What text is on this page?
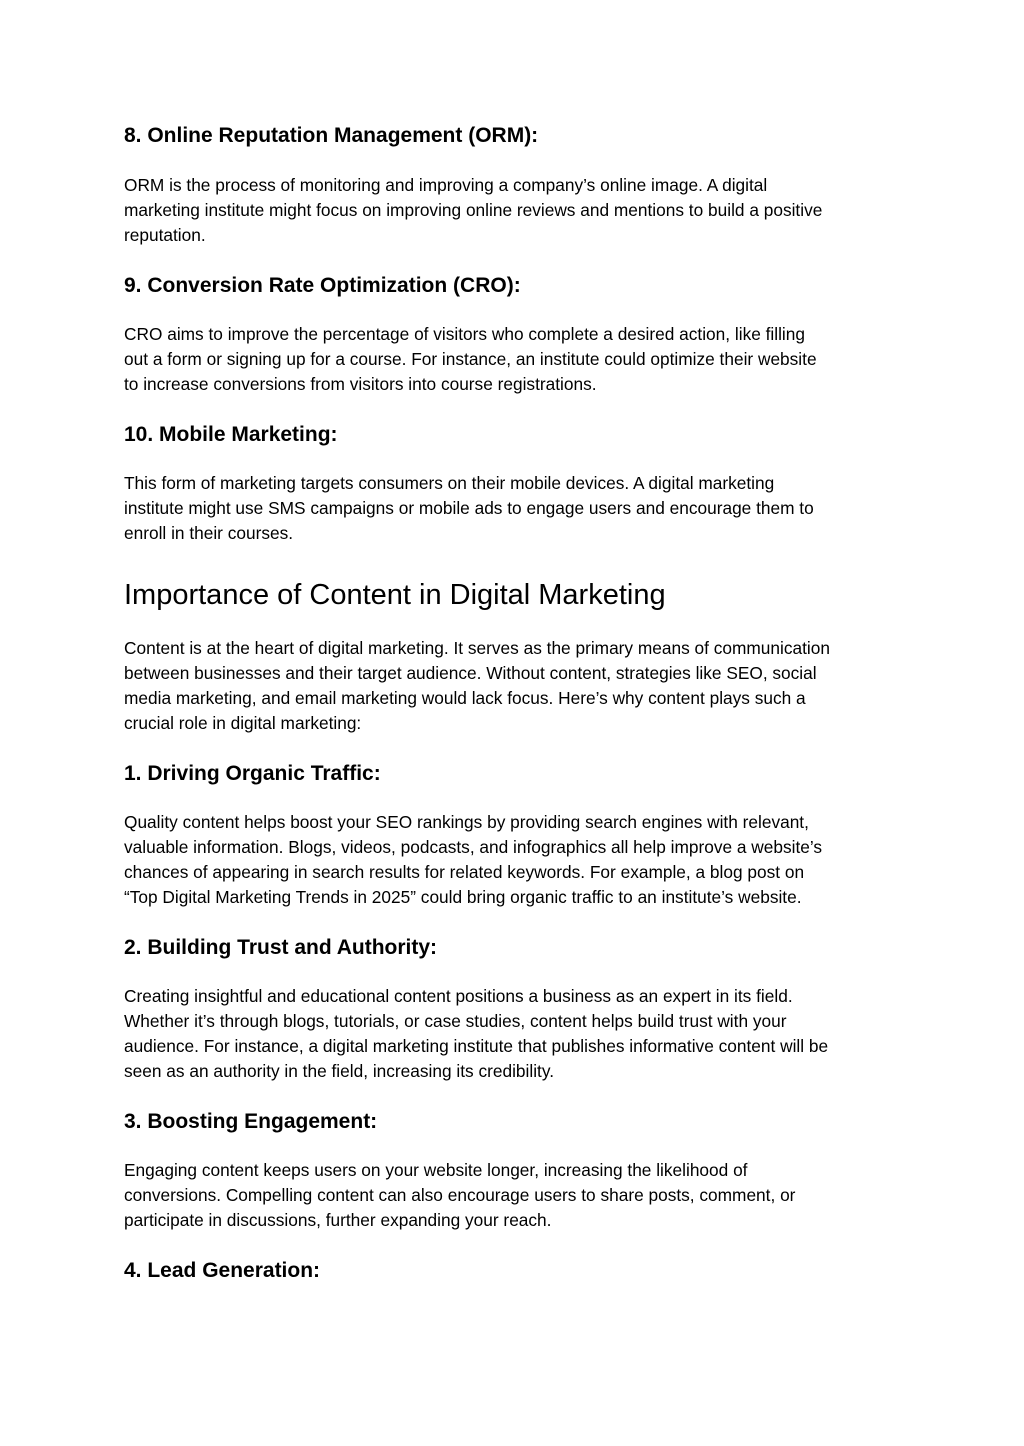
8. Online Reputation Management (ORM):

ORM is the process of monitoring and improving a company’s online image. A digital
marketing institute might focus on improving online reviews and mentions to build a positive
reputation.

9. Conversion Rate Optimization (CRO):

CRO aims to improve the percentage of visitors who complete a desired action, like filling
out a form or signing up for a course. For instance, an institute could optimize their website
to increase conversions from visitors into course registrations.

10. Mobile Marketing:

This form of marketing targets consumers on their mobile devices. A digital marketing
institute might use SMS campaigns or mobile ads to engage users and encourage them to
enroll in their courses.

Importance of Content in Digital Marketing

Content is at the heart of digital marketing. It serves as the primary means of communication
between businesses and their target audience. Without content, strategies like SEO, social
media marketing, and email marketing would lack focus. Here’s why content plays such a
crucial role in digital marketing:

1. Driving Organic Traffic:

Quality content helps boost your SEO rankings by providing search engines with relevant,
valuable information. Blogs, videos, podcasts, and infographics all help improve a website’s
chances of appearing in search results for related keywords. For example, a blog post on
“Top Digital Marketing Trends in 2025” could bring organic traffic to an institute’s website.

2. Building Trust and Authority:

Creating insightful and educational content positions a business as an expert in its field.
Whether it’s through blogs, tutorials, or case studies, content helps build trust with your
audience. For instance, a digital marketing institute that publishes informative content will be
seen as an authority in the field, increasing its credibility.

3. Boosting Engagement:

Engaging content keeps users on your website longer, increasing the likelihood of
conversions. Compelling content can also encourage users to share posts, comment, or
participate in discussions, further expanding your reach.

4. Lead Generation:
